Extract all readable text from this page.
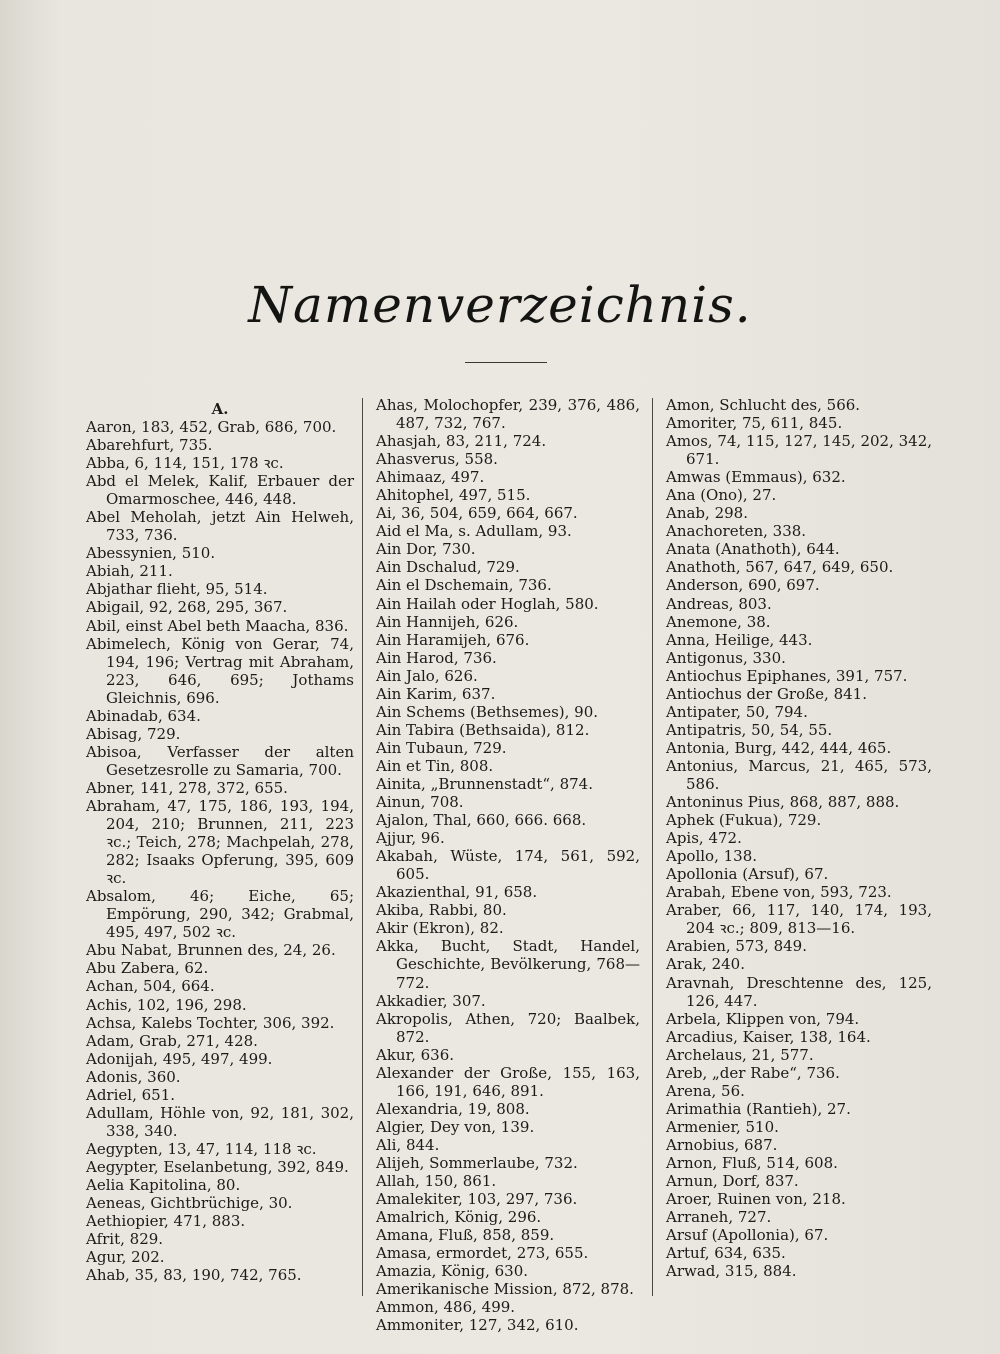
Namenverzeichnis.
A.
Aaron, 183, 452, Grab, 686, 700.
Abarehfurt, 735.
Abba, 6, 114, 151, 178 ꝛc.
Abd el Melek, Kalif, Erbauer der Omarmoschee, 446, 448.
Abel Meholah, jetzt Ain Helweh, 733, 736.
Abessynien, 510.
Abiah, 211.
Abjathar flieht, 95, 514.
Abigail, 92, 268, 295, 367.
Abil, einst Abel beth Maacha, 836.
Abimelech, König von Gerar, 74, 194, 196; Vertrag mit Abraham, 223, 646, 695; Jothams Gleichnis, 696.
Abinadab, 634.
Abisag, 729.
Abisoa, Verfasser der alten Gesetzesrolle zu Samaria, 700.
Abner, 141, 278, 372, 655.
Abraham, 47, 175, 186, 193, 194, 204, 210; Brunnen, 211, 223 ꝛc.; Teich, 278; Machpelah, 278, 282; Isaaks Opferung, 395, 609 ꝛc.
Absalom, 46; Eiche, 65; Empörung, 290, 342; Grabmal, 495, 497, 502 ꝛc.
Abu Nabat, Brunnen des, 24, 26.
Abu Zabera, 62.
Achan, 504, 664.
Achis, 102, 196, 298.
Achsa, Kalebs Tochter, 306, 392.
Adam, Grab, 271, 428.
Adonijah, 495, 497, 499.
Adonis, 360.
Adriel, 651.
Adullam, Höhle von, 92, 181, 302, 338, 340.
Aegypten, 13, 47, 114, 118 ꝛc.
Aegypter, Eselanbetung, 392, 849.
Aelia Kapitolina, 80.
Aeneas, Gichtbrüchige, 30.
Aethiopier, 471, 883.
Afrit, 829.
Agur, 202.
Ahab, 35, 83, 190, 742, 765.
Ahas, Molochopfer, 239, 376, 486, 487, 732, 767.
Ahasjah, 83, 211, 724.
Ahasverus, 558.
Ahimaaz, 497.
Ahitophel, 497, 515.
Ai, 36, 504, 659, 664, 667.
Aid el Ma, s. Adullam, 93.
Ain Dor, 730.
Ain Dschalud, 729.
Ain el Dschemain, 736.
Ain Hailah oder Hoglah, 580.
Ain Hannijeh, 626.
Ain Haramijeh, 676.
Ain Harod, 736.
Ain Jalo, 626.
Ain Karim, 637.
Ain Schems (Bethsemes), 90.
Ain Tabira (Bethsaida), 812.
Ain Tubaun, 729.
Ain et Tin, 808.
Ainita, „Brunnenstadt“, 874.
Ainun, 708.
Ajalon, Thal, 660, 666. 668.
Ajjur, 96.
Akabah, Wüste, 174, 561, 592, 605.
Akazienthal, 91, 658.
Akiba, Rabbi, 80.
Akir (Ekron), 82.
Akka, Bucht, Stadt, Handel, Geschichte, Bevölkerung, 768—772.
Akkadier, 307.
Akropolis, Athen, 720; Baalbek, 872.
Akur, 636.
Alexander der Große, 155, 163, 166, 191, 646, 891.
Alexandria, 19, 808.
Algier, Dey von, 139.
Ali, 844.
Alijeh, Sommerlaube, 732.
Allah, 150, 861.
Amalekiter, 103, 297, 736.
Amalrich, König, 296.
Amana, Fluß, 858, 859.
Amasa, ermordet, 273, 655.
Amazia, König, 630.
Amerikanische Mission, 872, 878.
Ammon, 486, 499.
Ammoniter, 127, 342, 610.
Amon, Schlucht des, 566.
Amoriter, 75, 611, 845.
Amos, 74, 115, 127, 145, 202, 342, 671.
Amwas (Emmaus), 632.
Ana (Ono), 27.
Anab, 298.
Anachoreten, 338.
Anata (Anathoth), 644.
Anathoth, 567, 647, 649, 650.
Anderson, 690, 697.
Andreas, 803.
Anemone, 38.
Anna, Heilige, 443.
Antigonus, 330.
Antiochus Epiphanes, 391, 757.
Antiochus der Große, 841.
Antipater, 50, 794.
Antipatris, 50, 54, 55.
Antonia, Burg, 442, 444, 465.
Antonius, Marcus, 21, 465, 573, 586.
Antoninus Pius, 868, 887, 888.
Aphek (Fukua), 729.
Apis, 472.
Apollo, 138.
Apollonia (Arsuf), 67.
Arabah, Ebene von, 593, 723.
Araber, 66, 117, 140, 174, 193, 204 ꝛc.; 809, 813—16.
Arabien, 573, 849.
Arak, 240.
Aravnah, Dreschtenne des, 125, 126, 447.
Arbela, Klippen von, 794.
Arcadius, Kaiser, 138, 164.
Archelaus, 21, 577.
Areb, „der Rabe“, 736.
Arena, 56.
Arimathia (Rantieh), 27.
Armenier, 510.
Arnobius, 687.
Arnon, Fluß, 514, 608.
Arnun, Dorf, 837.
Aroer, Ruinen von, 218.
Arraneh, 727.
Arsuf (Apollonia), 67.
Artuf, 634, 635.
Arwad, 315, 884.
